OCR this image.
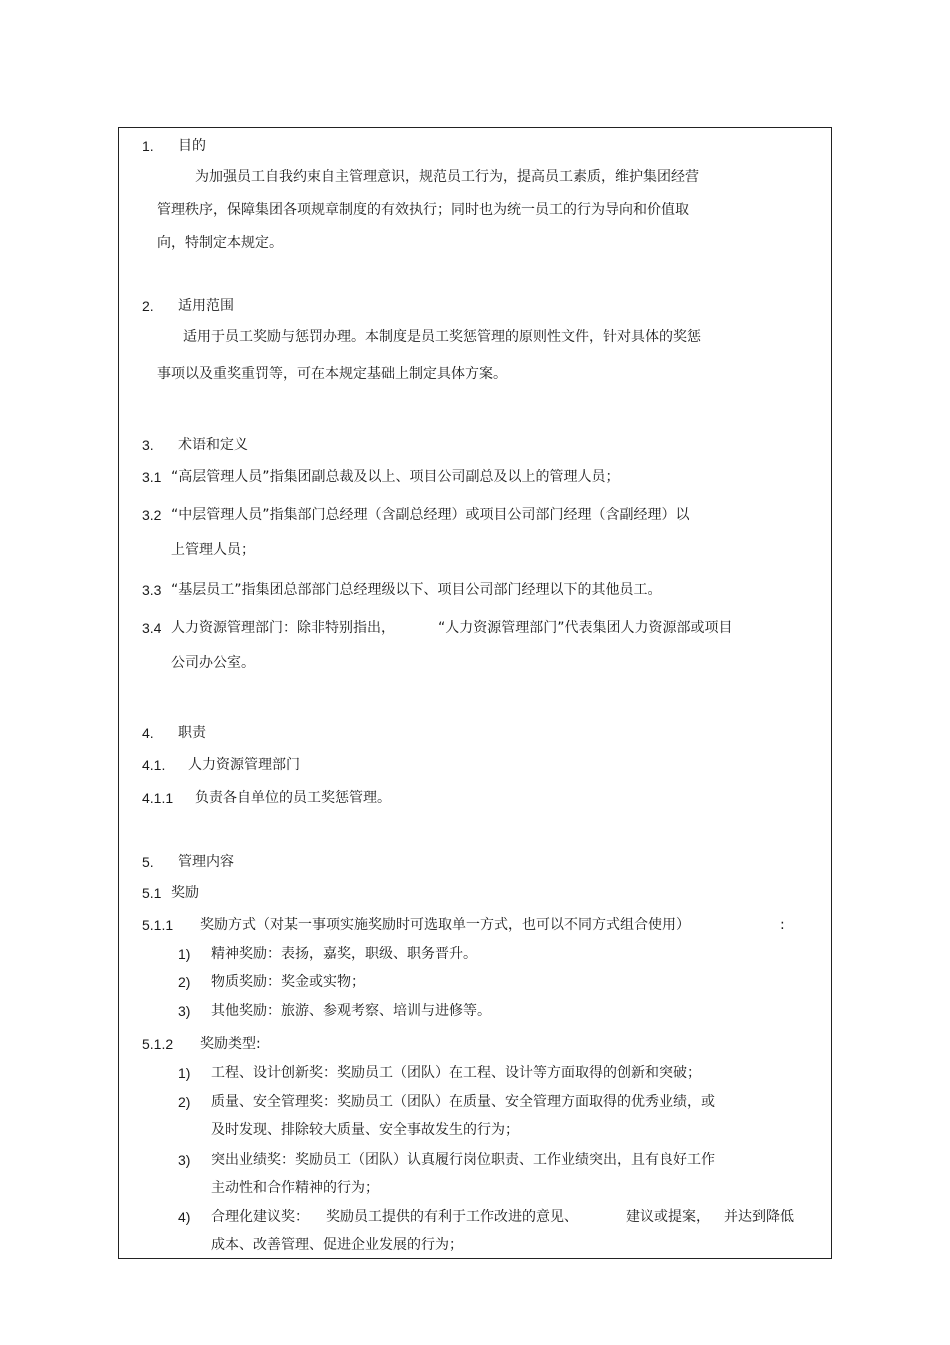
1. 目的
为加强员工自我约束自主管理意识，规范员工行为，提高员工素质，维护集团经营
管理秩序，保障集团各项规章制度的有效执行；同时也为统一员工的行为导向和价值取
向，特制定本规定。
2. 适用范围
适用于员工奖励与惩罚办理。本制度是员工奖惩管理的原则性文件，针对具体的奖惩
事项以及重奖重罚等，可在本规定基础上制定具体方案。
3. 术语和定义
3.1 “高层管理人员”指集团副总裁及以上、项目公司副总及以上的管理人员；
3.2 “中层管理人员”指集部门总经理（含副总经理）或项目公司部门经理（含副经理）以
上管理人员；
3.3 “基层员工”指集团总部部门总经理级以下、项目公司部门经理以下的其他员工。
3.4 人力资源管理部门：除非特别指出，	“人力资源管理部门”代表集团人力资源部或项目
公司办公室。
4. 职责
4.1. 人力资源管理部门
4.1.1 负责各自单位的员工奖惩管理。
5. 管理内容
5.1 奖励
5.1.1 奖励方式（对某一事项实施奖励时可选取单一方式，也可以不同方式组合使用）	:
1) 精神奖励：表扬，嘉奖，职级、职务晋升。
2) 物质奖励：奖金或实物；
3) 其他奖励：旅游、参观考察、培训与进修等。
5.1.2 奖励类型:
1) 工程、设计创新奖：奖励员工（团队）在工程、设计等方面取得的创新和突破；
2) 质量、安全管理奖：奖励员工（团队）在质量、安全管理方面取得的优秀业绩，或
及时发现、排除较大质量、安全事故发生的行为；
3) 突出业绩奖：奖励员工（团队）认真履行岗位职责、工作业绩突出，且有良好工作
主动性和合作精神的行为；
4) 合理化建议奖： 奖励员工提供的有利于工作改进的意见、	建议或提案， 并达到降低
成本、改善管理、促进企业发展的行为；
